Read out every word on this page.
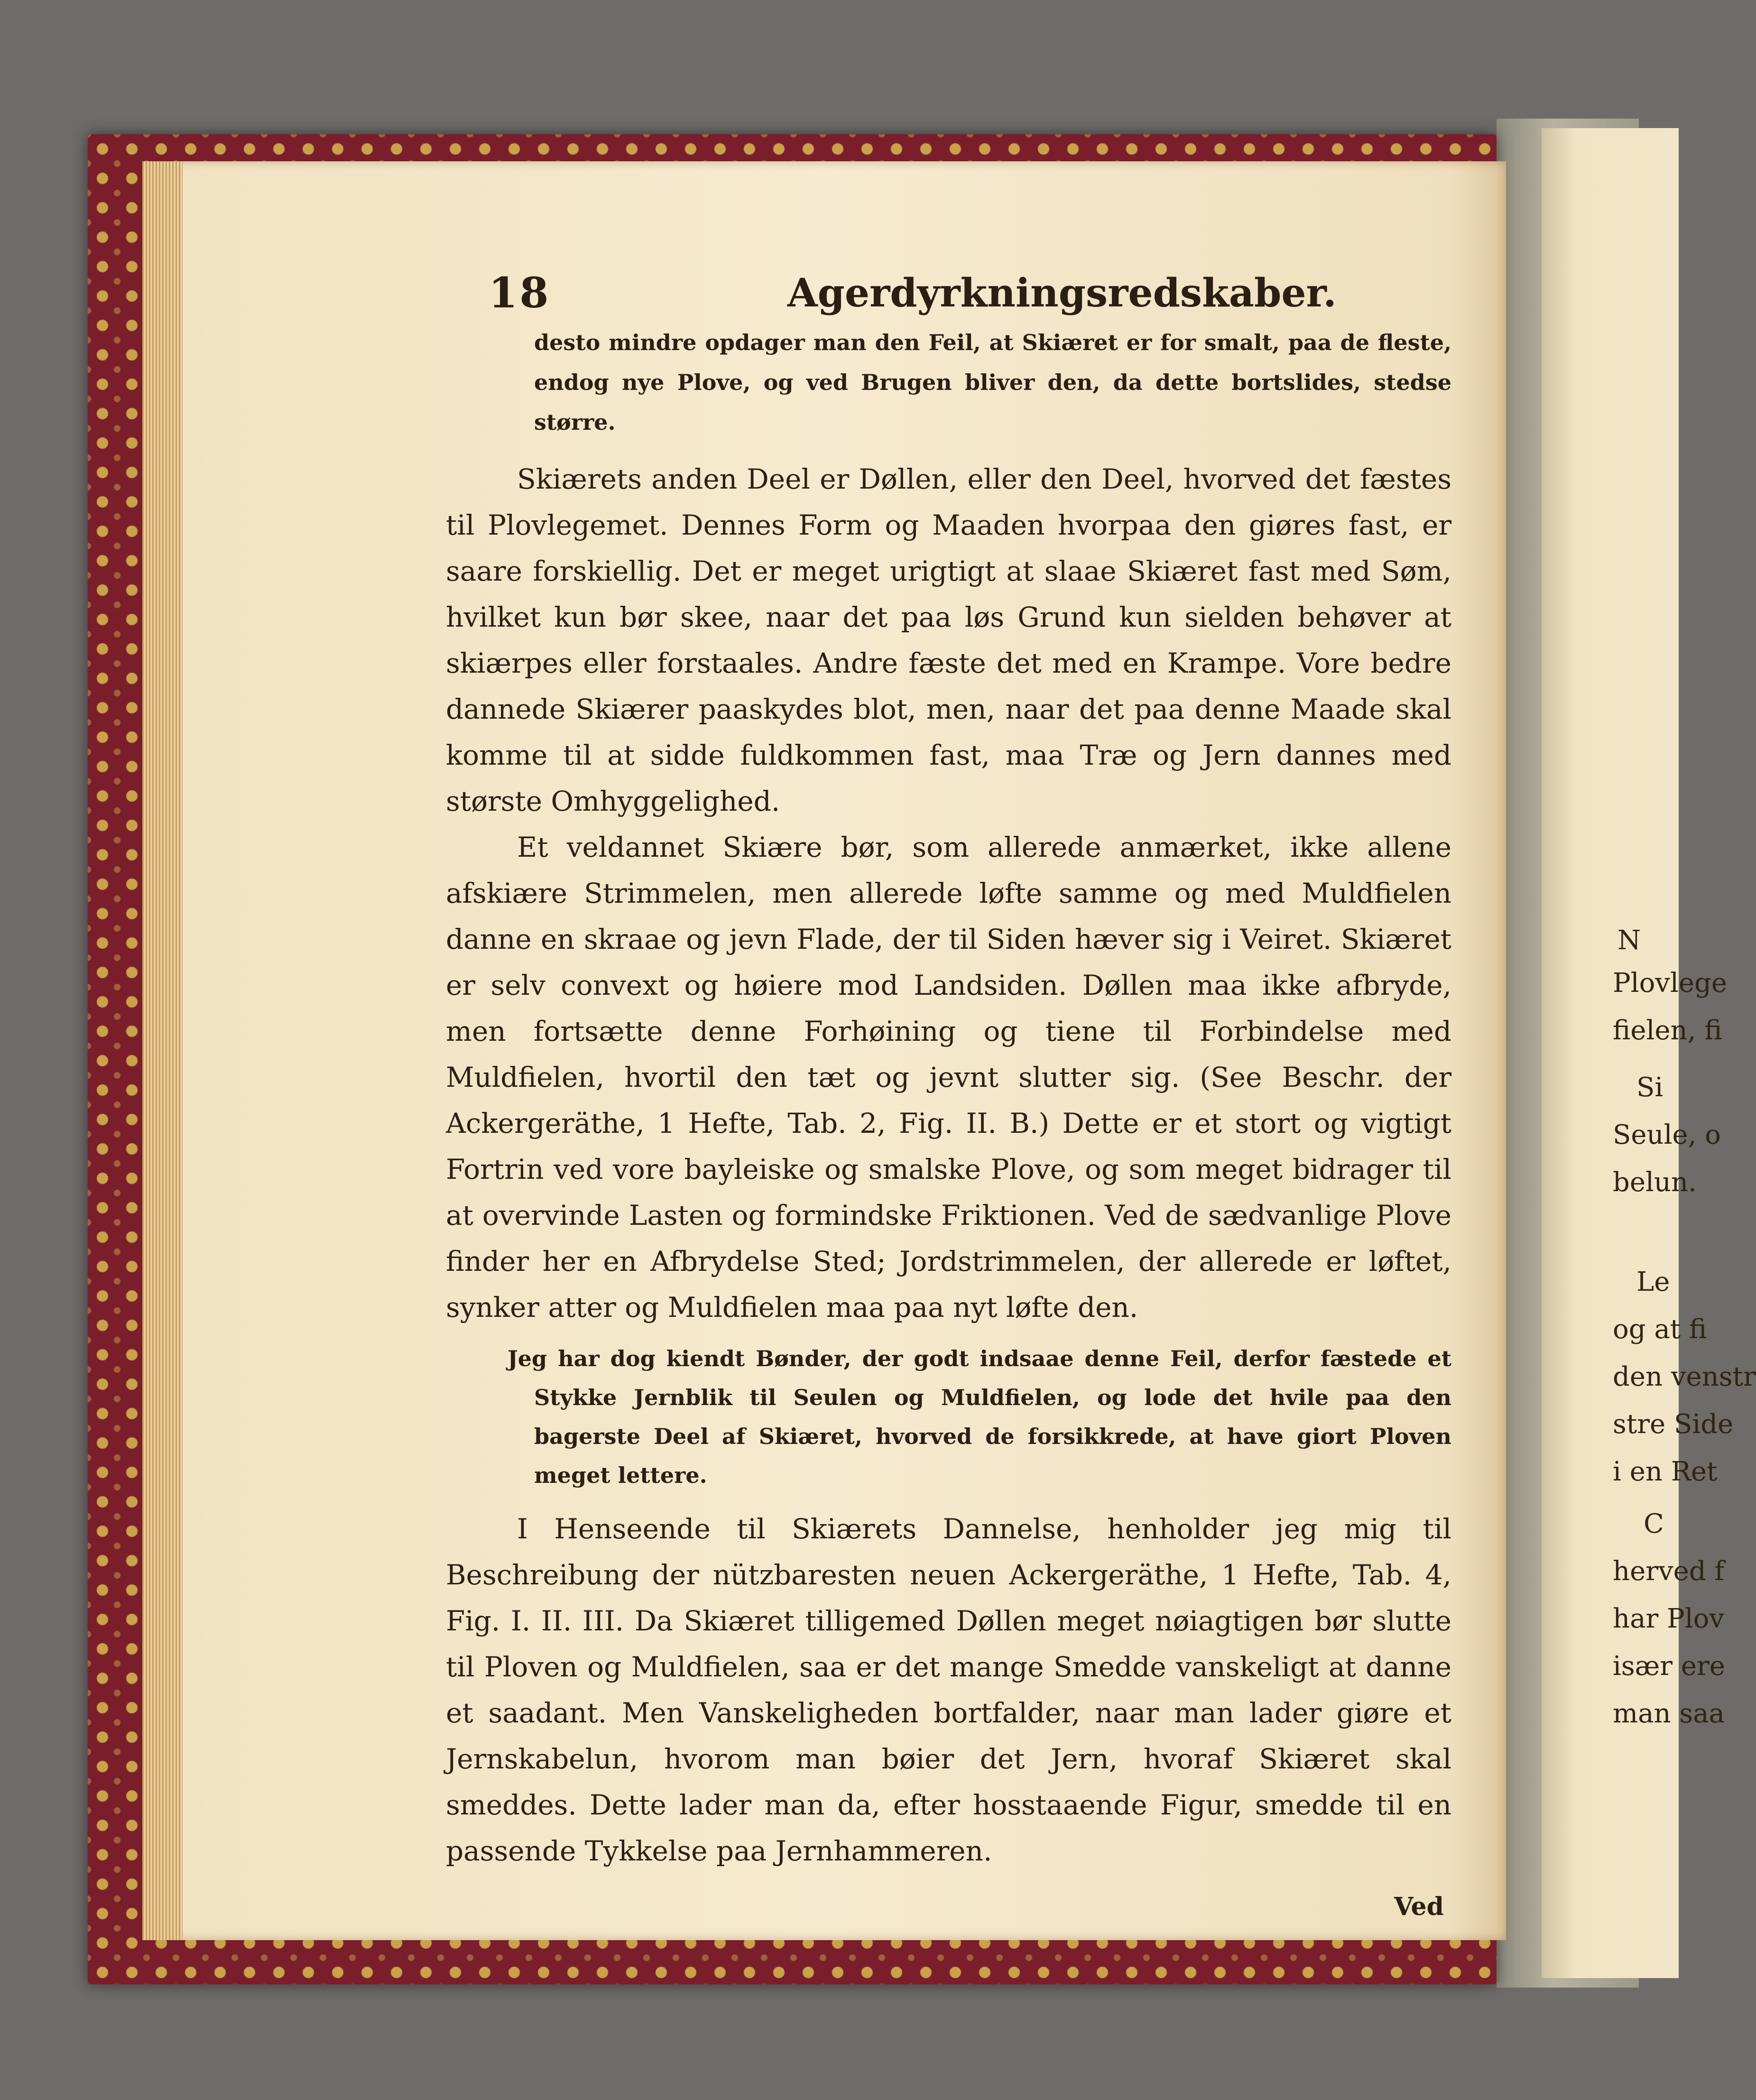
N
Plovlege
fielen, fi
Si
Seule, o
belun.
Le
og at fi
den venstr
stre Side
i en Ret
C
herved f
har Plov
især ere
man saa
18	Agerdyrkningsredskaber.

desto mindre opdager man den Feil, at Skiæret er for smalt, paa de fleste, endog nye Plove, og ved Brugen bliver den, da dette bortslides, stedse større.

Skiærets anden Deel er Døllen, eller den Deel, hvorved det fæstes til Plovlegemet. Dennes Form og Maaden hvorpaa den giøres fast, er saare forskiellig. Det er meget urigtigt at slaae Skiæret fast med Søm, hvilket kun bør skee, naar det paa løs Grund kun sielden behøver at skiærpes eller forstaales. Andre fæste det med en Krampe. Vore bedre dannede Skiærer paaskydes blot, men, naar det paa denne Maade skal komme til at sidde fuldkommen fast, maa Træ og Jern dannes med største Omhyggelighed.

Et veldannet Skiære bør, som allerede anmærket, ikke allene afskiære Strimmelen, men allerede løfte samme og med Muldfielen danne en skraae og jevn Flade, der til Siden hæver sig i Veiret. Skiæret er selv convext og høiere mod Landsiden. Døllen maa ikke afbryde, men fortsætte denne Forhøining og tiene til Forbindelse med Muldfielen, hvortil den tæt og jevnt slutter sig. (See Beschr. der Ackergeräthe, 1 Hefte, Tab. 2, Fig. II. B.) Dette er et stort og vigtigt Fortrin ved vore bayleiske og smalske Plove, og som meget bidrager til at overvinde Lasten og formindske Friktionen. Ved de sædvanlige Plove finder her en Afbrydelse Sted; Jordstrimmelen, der allerede er løftet, synker atter og Muldfielen maa paa nyt løfte den.

Jeg har dog kiendt Bønder, der godt indsaae denne Feil, derfor fæstede et Stykke Jernblik til Seulen og Muldfielen, og lode det hvile paa den bagerste Deel af Skiæret, hvorved de forsikkrede, at have giort Ploven meget lettere.

I Henseende til Skiærets Dannelse, henholder jeg mig til Beschreibung der nützbaresten neuen Ackergeräthe, 1 Hefte, Tab. 4, Fig. I. II. III. Da Skiæret tilligemed Døllen meget nøiagtigen bør slutte til Ploven og Muldfielen, saa er det mange Smedde vanskeligt at danne et saadant. Men Vanskeligheden bortfalder, naar man lader giøre et Jernskabelun, hvorom man bøier det Jern, hvoraf Skiæret skal smeddes. Dette lader man da, efter hosstaaende Figur, smedde til en passende Tykkelse paa Jernhammeren.

Ved
